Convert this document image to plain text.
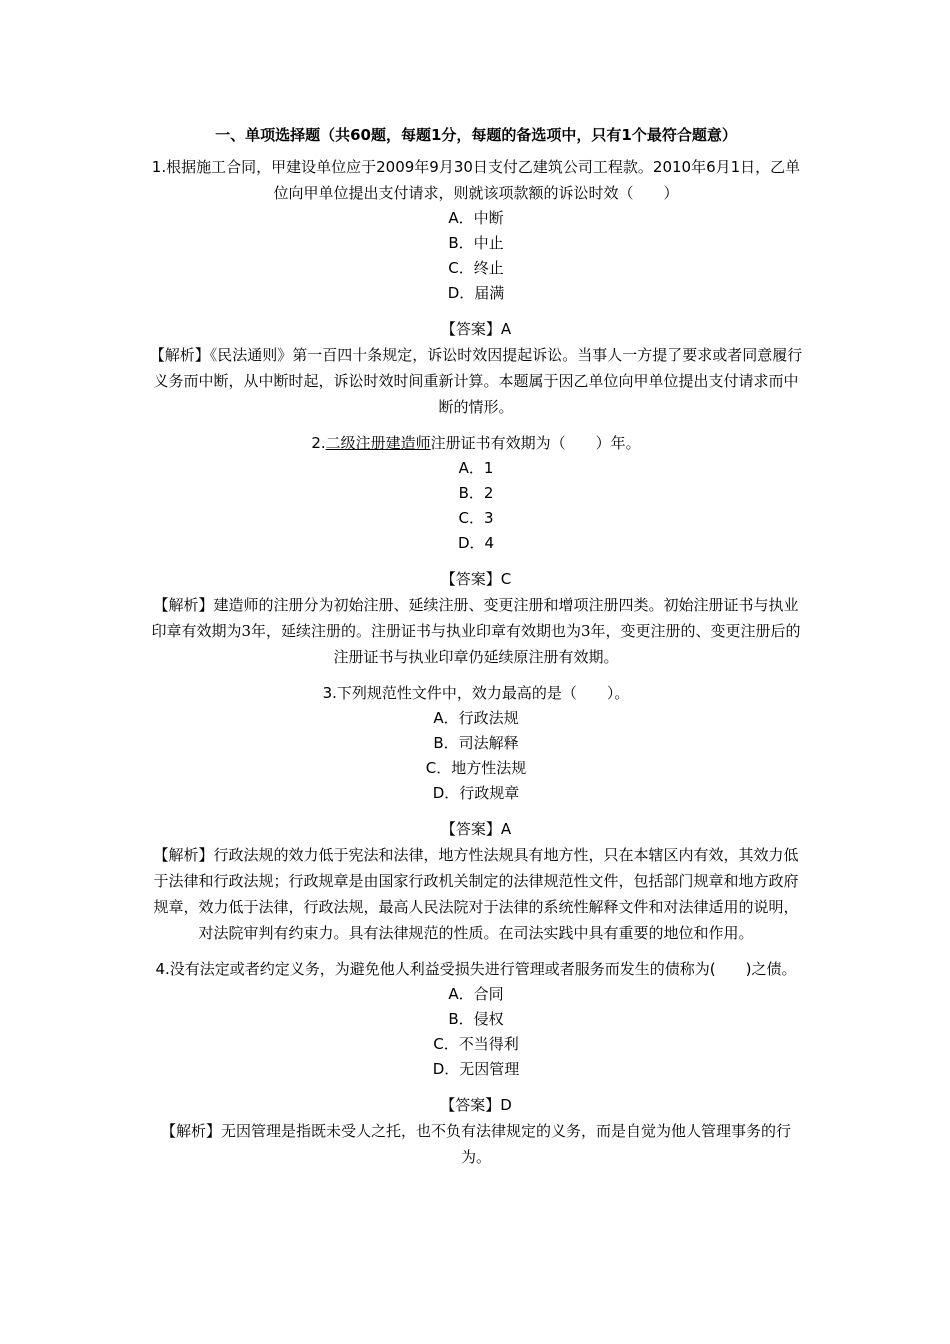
一、单项选择题（共60题，每题1分，每题的备选项中，只有1个最符合题意）

1.根据施工合同，甲建设单位应于2009年9月30日支付乙建筑公司工程款。2010年6月1日，乙单位向甲单位提出支付请求，则就该项款额的诉讼时效（　　）

A．中断

B．中止

C．终止

D．届满

【答案】A

【解析】《民法通则》第一百四十条规定，诉讼时效因提起诉讼。当事人一方提了要求或者同意履行义务而中断，从中断时起，诉讼时效时间重新计算。本题属于因乙单位向甲单位提出支付请求而中断的情形。

2.二级注册建造师注册证书有效期为（　　）年。

A．1

B．2

C．3

D．4

【答案】C

【解析】建造师的注册分为初始注册、延续注册、变更注册和增项注册四类。初始注册证书与执业印章有效期为3年，延续注册的。注册证书与执业印章有效期也为3年，变更注册的、变更注册后的注册证书与执业印章仍延续原注册有效期。

3.下列规范性文件中，效力最高的是（　　）。

A．行政法规

B．司法解释

C．地方性法规

D．行政规章

【答案】A

【解析】行政法规的效力低于宪法和法律，地方性法规具有地方性，只在本辖区内有效，其效力低于法律和行政法规；行政规章是由国家行政机关制定的法律规范性文件，包括部门规章和地方政府规章，效力低于法律，行政法规，最高人民法院对于法律的系统性解释文件和对法律适用的说明，对法院审判有约束力。具有法律规范的性质。在司法实践中具有重要的地位和作用。

4.没有法定或者约定义务，为避免他人利益受损失进行管理或者服务而发生的债称为(　　)之债。

A．合同

B．侵权

C．不当得利

D．无因管理

【答案】D

【解析】无因管理是指既未受人之托，也不负有法律规定的义务，而是自觉为他人管理事务的行为。
